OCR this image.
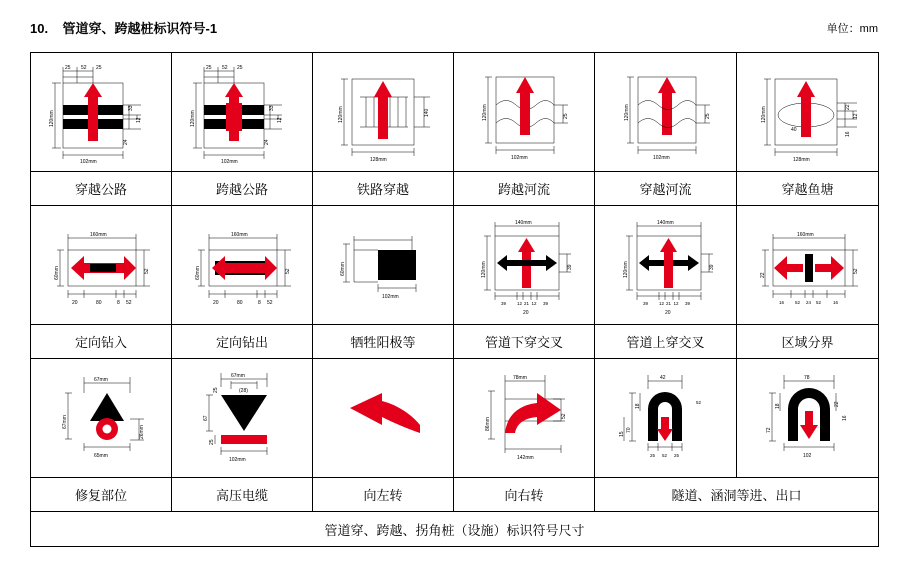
10. 管道穿、跨越桩标识符号-1	单位：mm
25 52 25
120mm
33
24
12
102mm

25 52 25
120mm
33
24
12
102mm

120mm	140
128mm

120mm	25
102mm

120mm	25
102mm

120mm	22
12
16
40
128mm

穿越公路	跨越公路	铁路穿越	跨越河流	穿越河流	穿越鱼塘

160mm
60mm	52
20	80	8 52

160mm
60mm	52
20	80	8 52

60mm
102mm

140mm
120mm	39
39 12 21 12 39
20

140mm
120mm	39
39 12 21 12 39
20

160mm
22
52
16 52 24 52	16

定向钻入	定向钻出	牺牲阳极等	管道下穿交叉	管道上穿交叉	区域分界

67mm
67mm
26mm
65mm

67mm
(28)
67
25
25
102mm

78mm
86mm
52
142mm

42
70
15
18
25 52 25
52

78
72
18	22
16
102

修复部位	高压电缆	向左转	向右转	隧道、涵洞等进、出口	
管道穿、跨越、拐角桩（设施）标识符号尺寸					
